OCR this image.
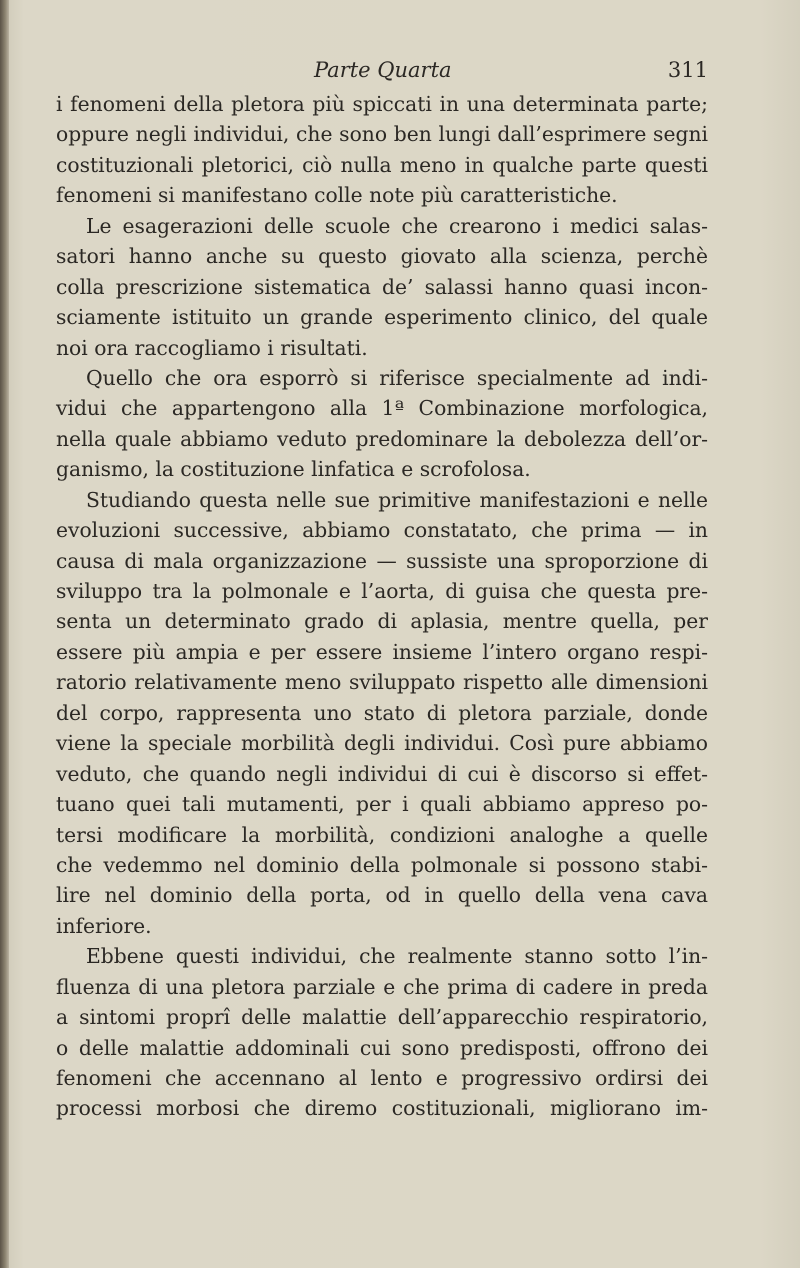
Parte Quarta	311
i fenomeni della pletora più spiccati in una determinata parte;
oppure negli individui, che sono ben lungi dall’esprimere segni
costituzionali pletorici, ciò nulla meno in qualche parte questi
fenomeni si manifestano colle note più caratteristiche.
Le esagerazioni delle scuole che crearono i medici salas-
satori hanno anche su questo giovato alla scienza, perchè
colla prescrizione sistematica de’ salassi hanno quasi incon-
sciamente istituito un grande esperimento clinico, del quale
noi ora raccogliamo i risultati.
Quello che ora esporrò si riferisce specialmente ad indi-
vidui che appartengono alla 1ª Combinazione morfologica,
nella quale abbiamo veduto predominare la debolezza dell’or-
ganismo, la costituzione linfatica e scrofolosa.
Studiando questa nelle sue primitive manifestazioni e nelle
evoluzioni successive, abbiamo constatato, che prima — in
causa di mala organizzazione — sussiste una sproporzione di
sviluppo tra la polmonale e l’aorta, di guisa che questa pre-
senta un determinato grado di aplasia, mentre quella, per
essere più ampia e per essere insieme l’intero organo respi-
ratorio relativamente meno sviluppato rispetto alle dimensioni
del corpo, rappresenta uno stato di pletora parziale, donde
viene la speciale morbilità degli individui. Così pure abbiamo
veduto, che quando negli individui di cui è discorso si effet-
tuano quei tali mutamenti, per i quali abbiamo appreso po-
tersi modificare la morbilità, condizioni analoghe a quelle
che vedemmo nel dominio della polmonale si possono stabi-
lire nel dominio della porta, od in quello della vena cava
inferiore.
Ebbene questi individui, che realmente stanno sotto l’in-
fluenza di una pletora parziale e che prima di cadere in preda
a sintomi proprî delle malattie dell’apparecchio respiratorio,
o delle malattie addominali cui sono predisposti, offrono dei
fenomeni che accennano al lento e progressivo ordirsi dei
processi morbosi che diremo costituzionali, migliorano im-
